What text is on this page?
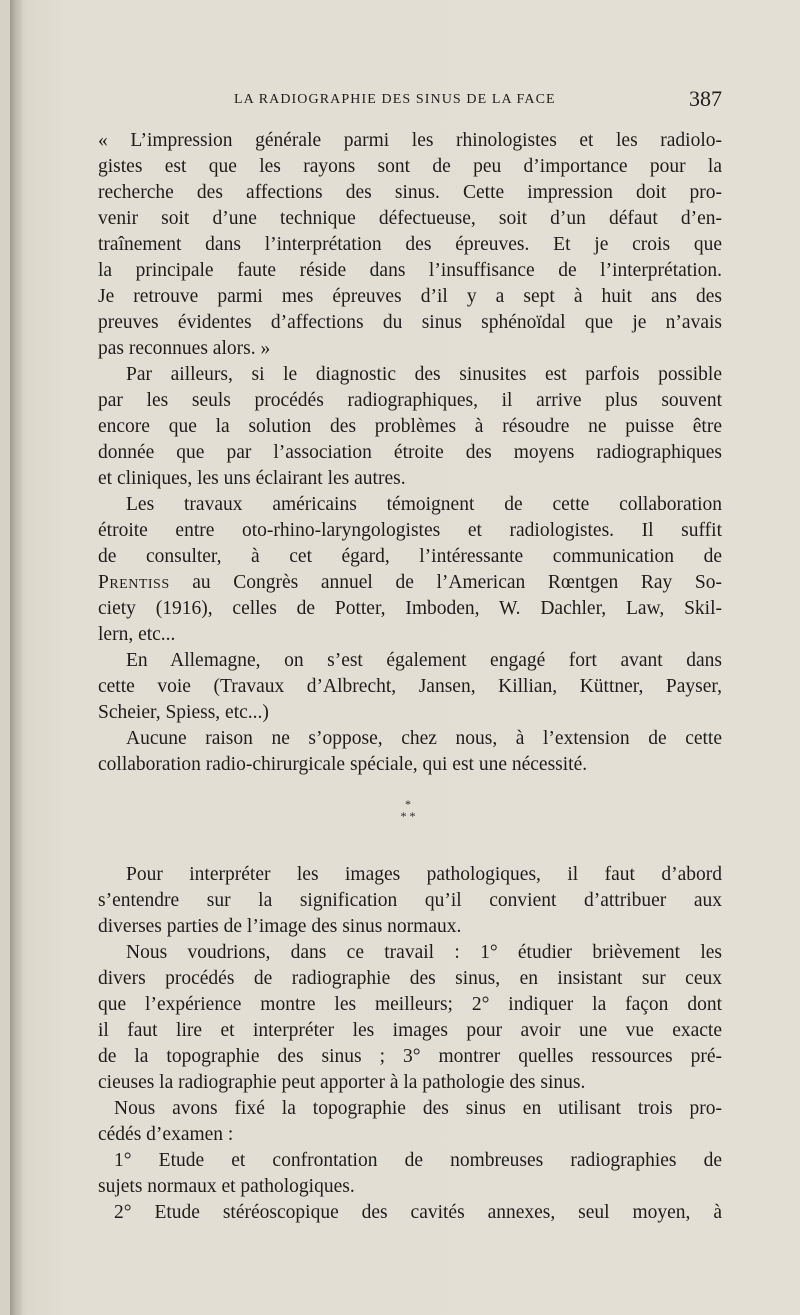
LA RADIOGRAPHIE DES SINUS DE LA FACE	387
« L’impression générale parmi les rhinologistes et les radiolo-
gistes est que les rayons sont de peu d’importance pour la
recherche des affections des sinus. Cette impression doit pro-
venir soit d’une technique défectueuse, soit d’un défaut d’en-
traînement dans l’interprétation des épreuves. Et je crois que
la principale faute réside dans l’insuffisance de l’interprétation.
Je retrouve parmi mes épreuves d’il y a sept à huit ans des
preuves évidentes d’affections du sinus sphénoïdal que je n’avais
pas reconnues alors. »
Par ailleurs, si le diagnostic des sinusites est parfois possible
par les seuls procédés radiographiques, il arrive plus souvent
encore que la solution des problèmes à résoudre ne puisse être
donnée que par l’association étroite des moyens radiographiques
et cliniques, les uns éclairant les autres.
Les travaux américains témoignent de cette collaboration
étroite entre oto-rhino-laryngologistes et radiologistes. Il suffit
de consulter, à cet égard, l’intéressante communication de
Prentiss au Congrès annuel de l’American Rœntgen Ray So-
ciety (1916), celles de Potter, Imboden, W. Dachler, Law, Skil-
lern, etc...
En Allemagne, on s’est également engagé fort avant dans
cette voie (Travaux d’Albrecht, Jansen, Killian, Küttner, Payser,
Scheier, Spiess, etc...)
Aucune raison ne s’oppose, chez nous, à l’extension de cette
collaboration radio-chirurgicale spéciale, qui est une nécessité.
*
* *
Pour interpréter les images pathologiques, il faut d’abord
s’entendre sur la signification qu’il convient d’attribuer aux
diverses parties de l’image des sinus normaux.
Nous voudrions, dans ce travail : 1° étudier brièvement les
divers procédés de radiographie des sinus, en insistant sur ceux
que l’expérience montre les meilleurs; 2° indiquer la façon dont
il faut lire et interpréter les images pour avoir une vue exacte
de la topographie des sinus ; 3° montrer quelles ressources pré-
cieuses la radiographie peut apporter à la pathologie des sinus.
Nous avons fixé la topographie des sinus en utilisant trois pro-
cédés d’examen :
1° Etude et confrontation de nombreuses radiographies de
sujets normaux et pathologiques.
2° Etude stéréoscopique des cavités annexes, seul moyen, à
